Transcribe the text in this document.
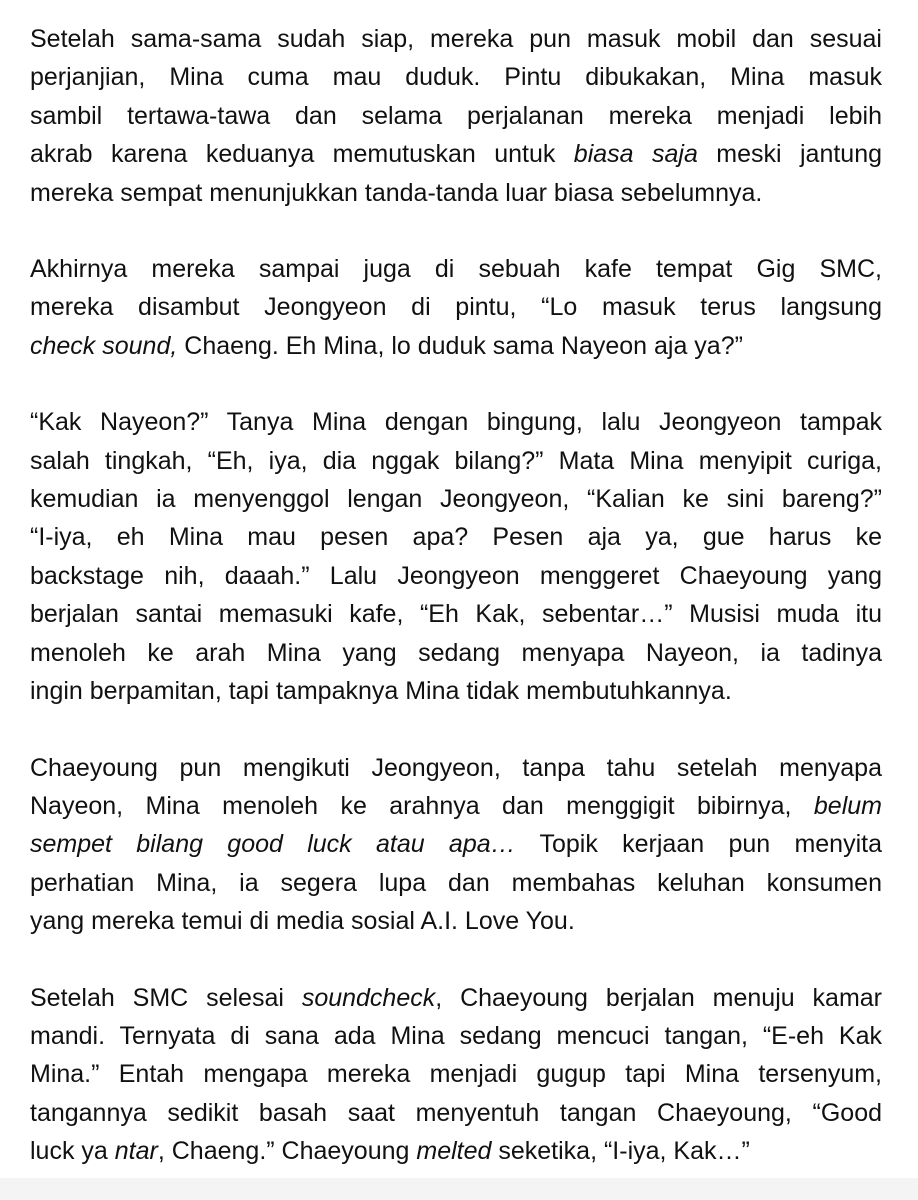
Setelah sama-sama sudah siap, mereka pun masuk mobil dan sesuai
perjanjian, Mina cuma mau duduk. Pintu dibukakan, Mina masuk
sambil tertawa-tawa dan selama perjalanan mereka menjadi lebih
akrab karena keduanya memutuskan untuk biasa saja meski jantung
mereka sempat menunjukkan tanda-tanda luar biasa sebelumnya.

Akhirnya mereka sampai juga di sebuah kafe tempat Gig SMC,
mereka disambut Jeongyeon di pintu, “Lo masuk terus langsung
check sound, Chaeng. Eh Mina, lo duduk sama Nayeon aja ya?”

“Kak Nayeon?” Tanya Mina dengan bingung, lalu Jeongyeon tampak
salah tingkah, “Eh, iya, dia nggak bilang?” Mata Mina menyipit curiga,
kemudian ia menyenggol lengan Jeongyeon, “Kalian ke sini bareng?”
“I-iya, eh Mina mau pesen apa? Pesen aja ya, gue harus ke
backstage nih, daaah.” Lalu Jeongyeon menggeret Chaeyoung yang
berjalan santai memasuki kafe, “Eh Kak, sebentar…” Musisi muda itu
menoleh ke arah Mina yang sedang menyapa Nayeon, ia tadinya
ingin berpamitan, tapi tampaknya Mina tidak membutuhkannya.

Chaeyoung pun mengikuti Jeongyeon, tanpa tahu setelah menyapa
Nayeon, Mina menoleh ke arahnya dan menggigit bibirnya, belum
sempet bilang good luck atau apa… Topik kerjaan pun menyita
perhatian Mina, ia segera lupa dan membahas keluhan konsumen
yang mereka temui di media sosial A.I. Love You.

Setelah SMC selesai soundcheck, Chaeyoung berjalan menuju kamar
mandi. Ternyata di sana ada Mina sedang mencuci tangan, “E-eh Kak
Mina.” Entah mengapa mereka menjadi gugup tapi Mina tersenyum,
tangannya sedikit basah saat menyentuh tangan Chaeyoung, “Good
luck ya ntar, Chaeng.” Chaeyoung melted seketika, “I-iya, Kak…”
